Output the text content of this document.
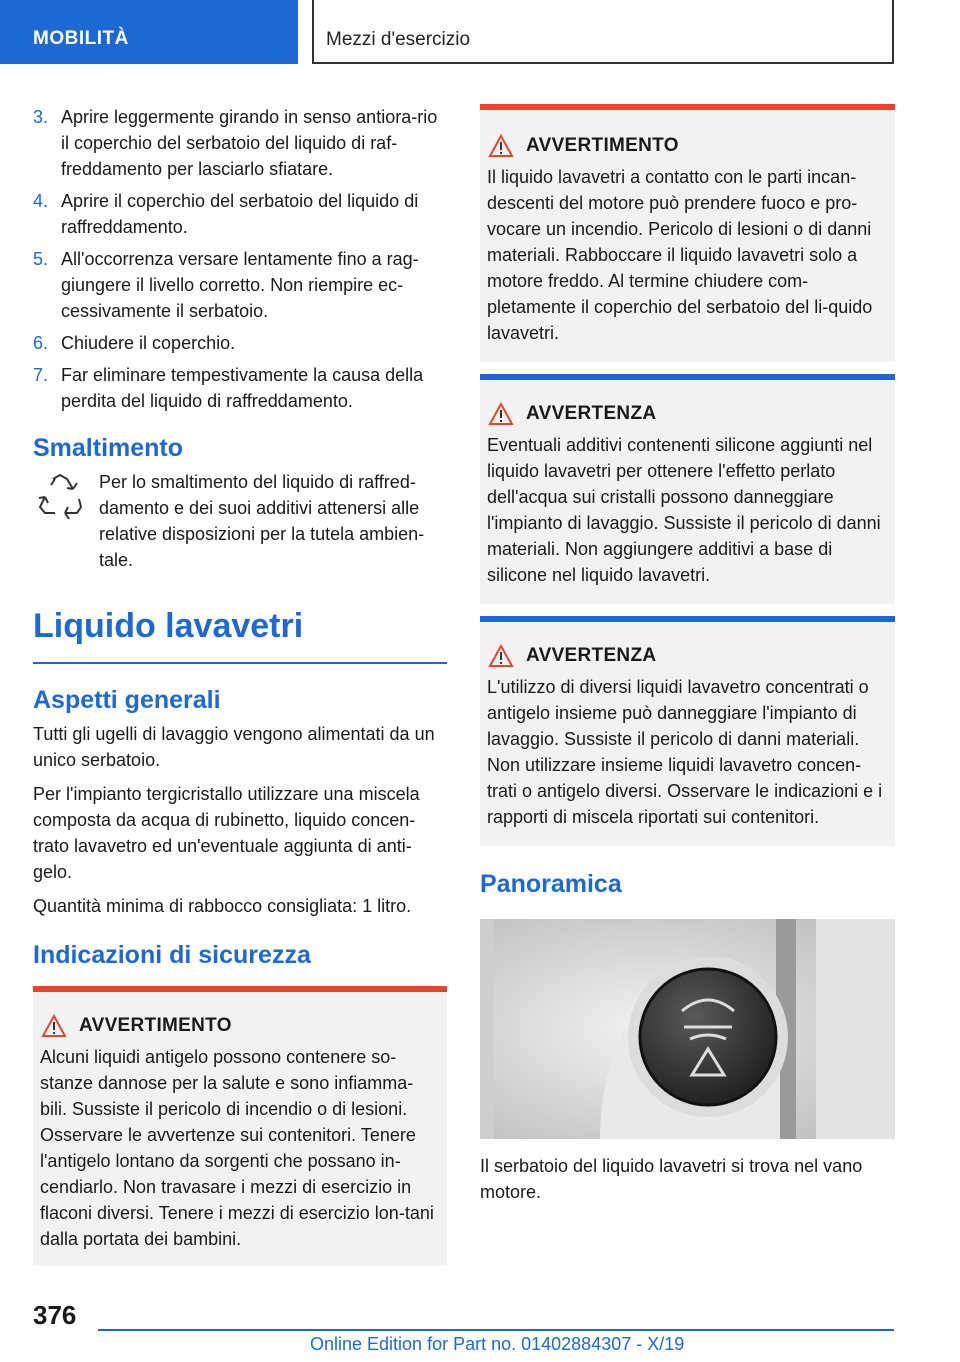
MOBILITÀ	Mezzi d'esercizio
3. Aprire leggermente girando in senso antiora-rio il coperchio del serbatoio del liquido di raf-freddamento per lasciarlo sfiatare.
4. Aprire il coperchio del serbatoio del liquido di raffreddamento.
5. All'occorrenza versare lentamente fino a rag-giungere il livello corretto. Non riempire ec-cessivamente il serbatoio.
6. Chiudere il coperchio.
7. Far eliminare tempestivamente la causa della perdita del liquido di raffreddamento.
Smaltimento
Per lo smaltimento del liquido di raffred-damento e dei suoi additivi attenersi alle relative disposizioni per la tutela ambien-tale.
Liquido lavavetri
Aspetti generali

Tutti gli ugelli di lavaggio vengono alimentati da un unico serbatoio.

Per l'impianto tergicristallo utilizzare una miscela composta da acqua di rubinetto, liquido concen-trato lavavetro ed un'eventuale aggiunta di anti-gelo.

Quantità minima di rabbocco consigliata: 1 litro.

Indicazioni di sicurezza
AVVERTIMENTO
Alcuni liquidi antigelo possono contenere so-stanze dannose per la salute e sono infiamma-bili. Sussiste il pericolo di incendio o di lesioni. Osservare le avvertenze sui contenitori. Tenere l'antigelo lontano da sorgenti che possano in-cendiarlo. Non travasare i mezzi di esercizio in flaconi diversi. Tenere i mezzi di esercizio lon-tani dalla portata dei bambini.
AVVERTIMENTO
Il liquido lavavetri a contatto con le parti incan-descenti del motore può prendere fuoco e pro-vocare un incendio. Pericolo di lesioni o di danni materiali. Rabboccare il liquido lavavetri solo a motore freddo. Al termine chiudere com-pletamente il coperchio del serbatoio del li-quido lavavetri.
AVVERTENZA
Eventuali additivi contenenti silicone aggiunti nel liquido lavavetri per ottenere l'effetto perlato dell'acqua sui cristalli possono danneggiare l'impianto di lavaggio. Sussiste il pericolo di danni materiali. Non aggiungere additivi a base di silicone nel liquido lavavetri.
AVVERTENZA
L'utilizzo di diversi liquidi lavavetro concentrati o antigelo insieme può danneggiare l'impianto di lavaggio. Sussiste il pericolo di danni materiali. Non utilizzare insieme liquidi lavavetro concen-trati o antigelo diversi. Osservare le indicazioni e i rapporti di miscela riportati sui contenitori.
Panoramica

Il serbatoio del liquido lavavetri si trova nel vano motore.

376
Online Edition for Part no. 01402884307 - X/19
